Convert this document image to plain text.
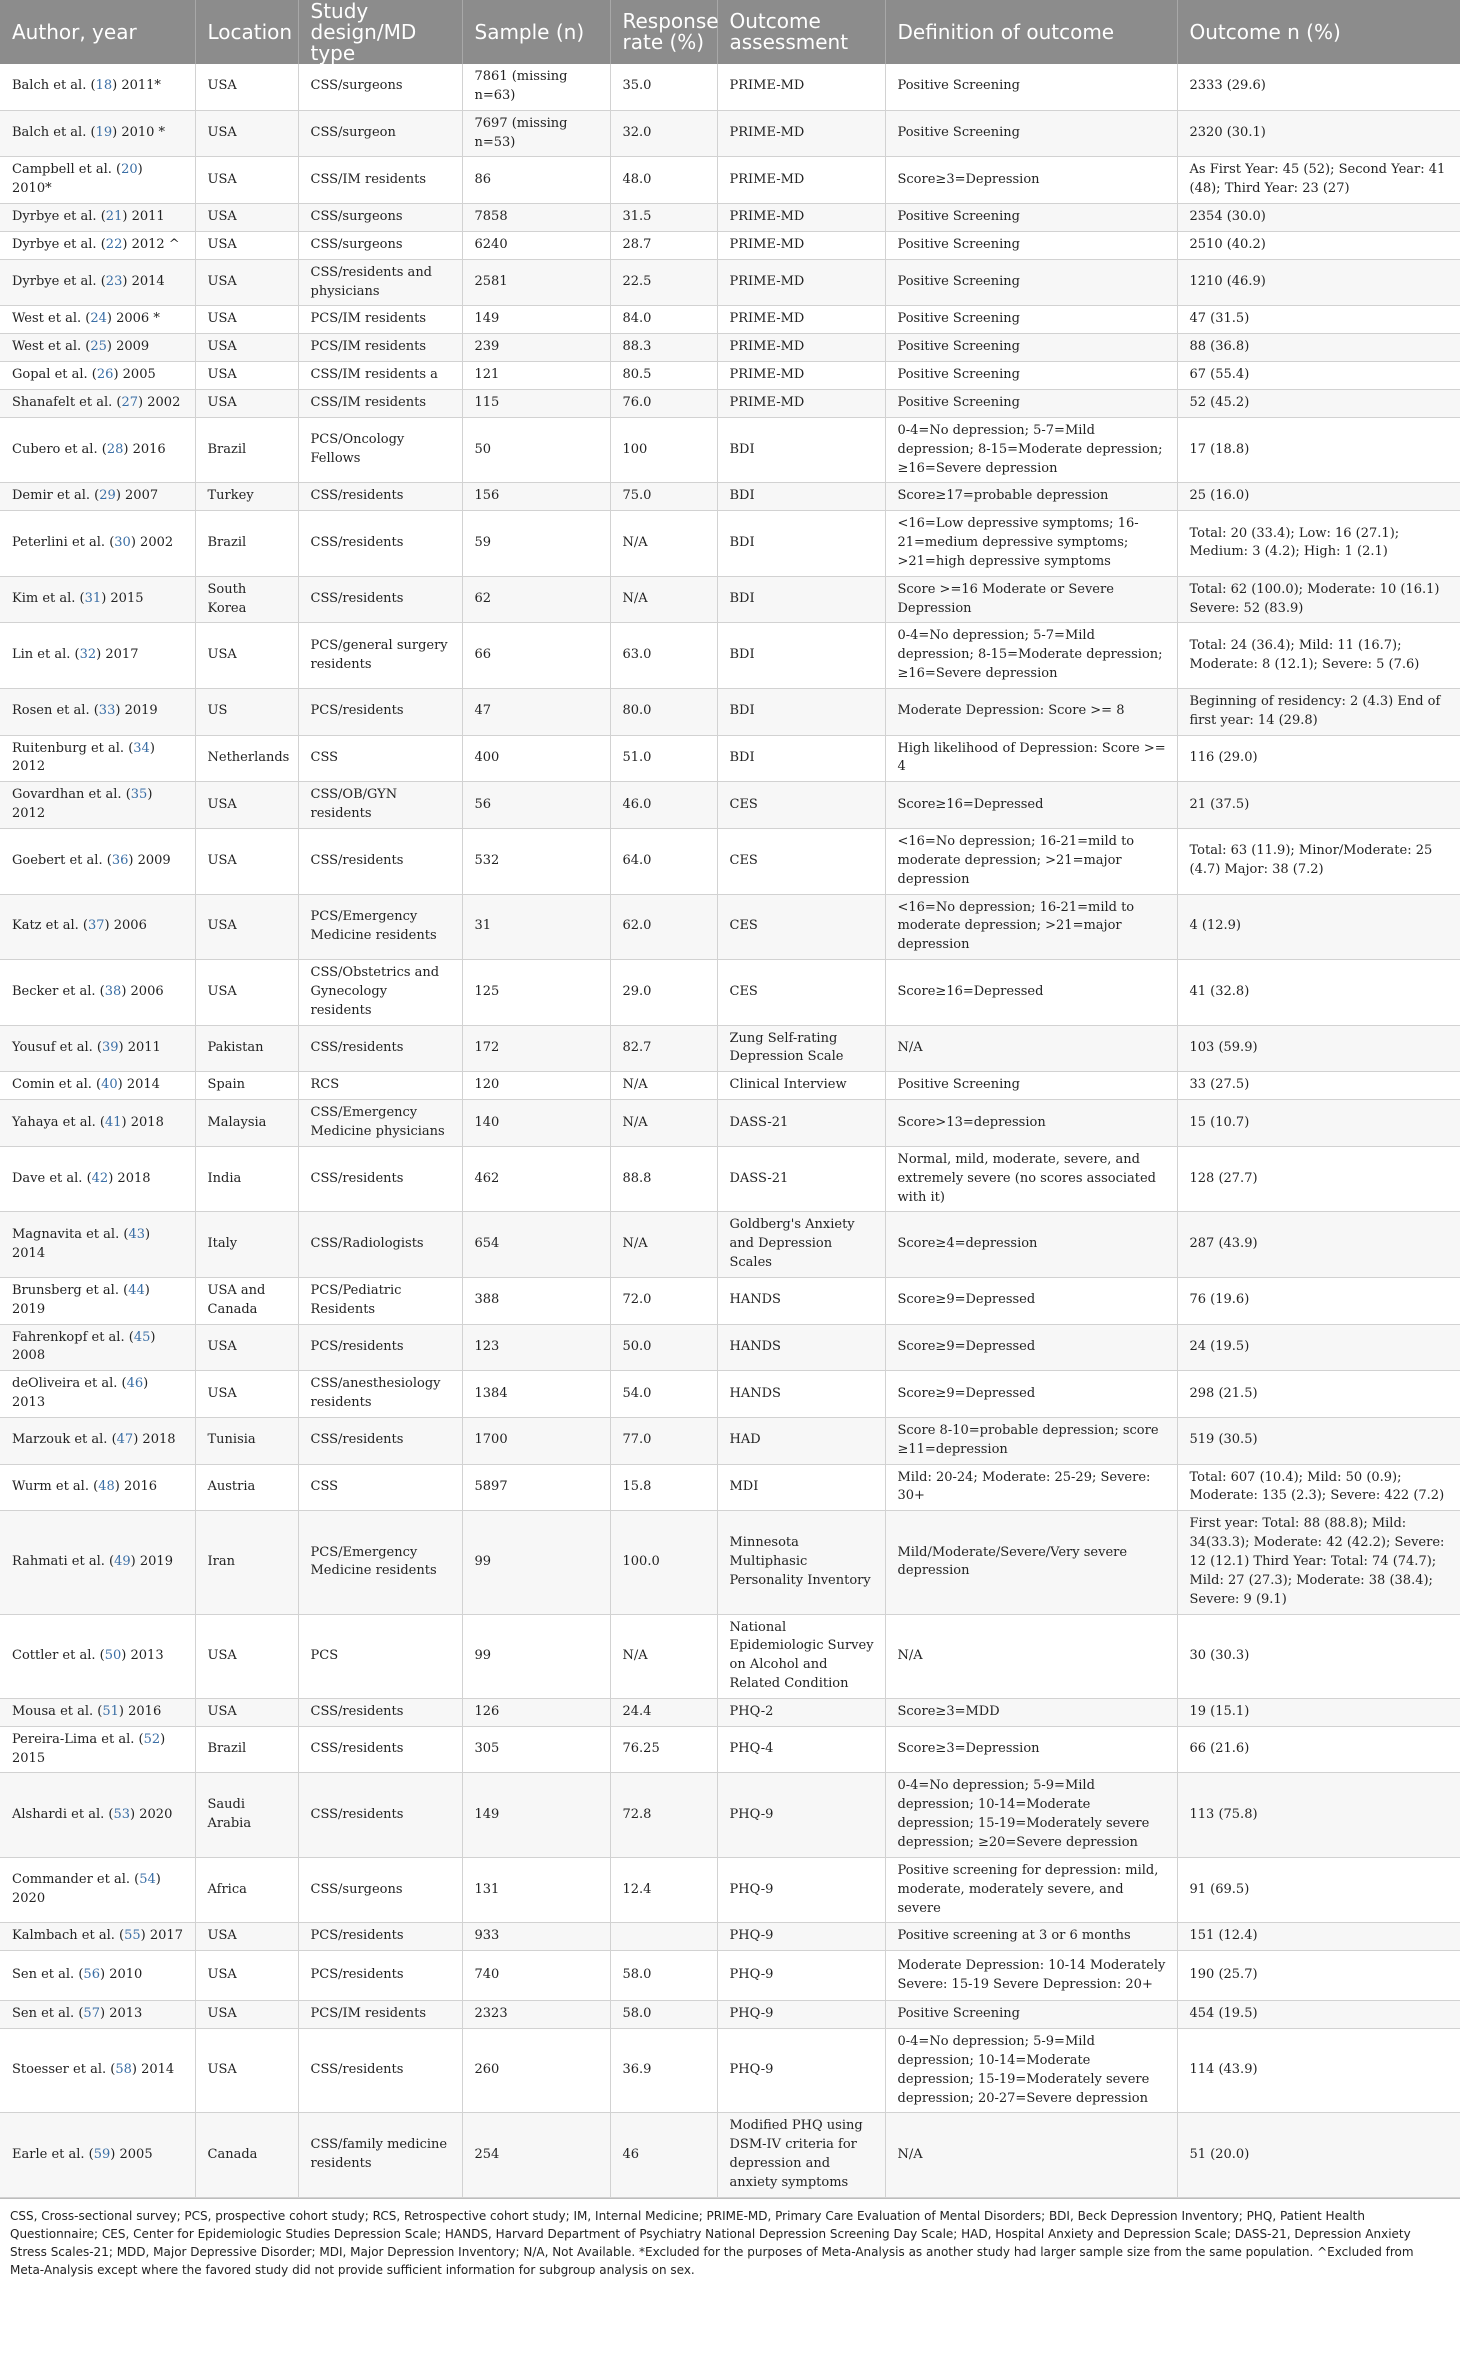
Author, year	Location	Study design/MD type	Sample (n)	Response rate (%)	Outcome assessment	Definition of outcome	Outcome n (%)
Balch et al. (18) 2011*	USA	CSS/surgeons	7861 (missing n=63)	35.0	PRIME-MD	Positive Screening	2333 (29.6)
Balch et al. (19) 2010 *	USA	CSS/surgeon	7697 (missing n=53)	32.0	PRIME-MD	Positive Screening	2320 (30.1)
Campbell et al. (20) 2010*	USA	CSS/IM residents	86	48.0	PRIME-MD	Score≥3=Depression	As First Year: 45 (52); Second Year: 41 (48); Third Year: 23 (27)
Dyrbye et al. (21) 2011	USA	CSS/surgeons	7858	31.5	PRIME-MD	Positive Screening	2354 (30.0)
Dyrbye et al. (22) 2012 ^	USA	CSS/surgeons	6240	28.7	PRIME-MD	Positive Screening	2510 (40.2)
Dyrbye et al. (23) 2014	USA	CSS/residents and physicians	2581	22.5	PRIME-MD	Positive Screening	1210 (46.9)
West et al. (24) 2006 *	USA	PCS/IM residents	149	84.0	PRIME-MD	Positive Screening	47 (31.5)
West et al. (25) 2009	USA	PCS/IM residents	239	88.3	PRIME-MD	Positive Screening	88 (36.8)
Gopal et al. (26) 2005	USA	CSS/IM residents a	121	80.5	PRIME-MD	Positive Screening	67 (55.4)
Shanafelt et al. (27) 2002	USA	CSS/IM residents	115	76.0	PRIME-MD	Positive Screening	52 (45.2)
Cubero et al. (28) 2016	Brazil	PCS/Oncology Fellows	50	100	BDI	0-4=No depression; 5-7=Mild depression; 8-15=Moderate depression; ≥16=Severe depression	17 (18.8)
Demir et al. (29) 2007	Turkey	CSS/residents	156	75.0	BDI	Score≥17=probable depression	25 (16.0)
Peterlini et al. (30) 2002	Brazil	CSS/residents	59	N/A	BDI	<16=Low depressive symptoms; 16-21=medium depressive symptoms; >21=high depressive symptoms	Total: 20 (33.4); Low: 16 (27.1); Medium: 3 (4.2); High: 1 (2.1)
Kim et al. (31) 2015	South Korea	CSS/residents	62	N/A	BDI	Score >=16 Moderate or Severe Depression	Total: 62 (100.0); Moderate: 10 (16.1) Severe: 52 (83.9)
Lin et al. (32) 2017	USA	PCS/general surgery residents	66	63.0	BDI	0-4=No depression; 5-7=Mild depression; 8-15=Moderate depression; ≥16=Severe depression	Total: 24 (36.4); Mild: 11 (16.7); Moderate: 8 (12.1); Severe: 5 (7.6)
Rosen et al. (33) 2019	US	PCS/residents	47	80.0	BDI	Moderate Depression: Score >= 8	Beginning of residency: 2 (4.3) End of first year: 14 (29.8)
Ruitenburg et al. (34) 2012	Netherlands	CSS	400	51.0	BDI	High likelihood of Depression: Score >= 4	116 (29.0)
Govardhan et al. (35) 2012	USA	CSS/OB/GYN residents	56	46.0	CES	Score≥16=Depressed	21 (37.5)
Goebert et al. (36) 2009	USA	CSS/residents	532	64.0	CES	<16=No depression; 16-21=mild to moderate depression; >21=major depression	Total: 63 (11.9); Minor/Moderate: 25 (4.7) Major: 38 (7.2)
Katz et al. (37) 2006	USA	PCS/Emergency Medicine residents	31	62.0	CES	<16=No depression; 16-21=mild to moderate depression; >21=major depression	4 (12.9)
Becker et al. (38) 2006	USA	CSS/Obstetrics and Gynecology residents	125	29.0	CES	Score≥16=Depressed	41 (32.8)
Yousuf et al. (39) 2011	Pakistan	CSS/residents	172	82.7	Zung Self-rating Depression Scale	N/A	103 (59.9)
Comin et al. (40) 2014	Spain	RCS	120	N/A	Clinical Interview	Positive Screening	33 (27.5)
Yahaya et al. (41) 2018	Malaysia	CSS/Emergency Medicine physicians	140	N/A	DASS-21	Score>13=depression	15 (10.7)
Dave et al. (42) 2018	India	CSS/residents	462	88.8	DASS-21	Normal, mild, moderate, severe, and extremely severe (no scores associated with it)	128 (27.7)
Magnavita et al. (43) 2014	Italy	CSS/Radiologists	654	N/A	Goldberg's Anxiety and Depression Scales	Score≥4=depression	287 (43.9)
Brunsberg et al. (44) 2019	USA and Canada	PCS/Pediatric Residents	388	72.0	HANDS	Score≥9=Depressed	76 (19.6)
Fahrenkopf et al. (45) 2008	USA	PCS/residents	123	50.0	HANDS	Score≥9=Depressed	24 (19.5)
deOliveira et al. (46) 2013	USA	CSS/anesthesiology residents	1384	54.0	HANDS	Score≥9=Depressed	298 (21.5)
Marzouk et al. (47) 2018	Tunisia	CSS/residents	1700	77.0	HAD	Score 8-10=probable depression; score ≥11=depression	519 (30.5)
Wurm et al. (48) 2016	Austria	CSS	5897	15.8	MDI	Mild: 20-24; Moderate: 25-29; Severe: 30+	Total: 607 (10.4); Mild: 50 (0.9); Moderate: 135 (2.3); Severe: 422 (7.2)
Rahmati et al. (49) 2019	Iran	PCS/Emergency Medicine residents	99	100.0	Minnesota Multiphasic Personality Inventory	Mild/Moderate/Severe/Very severe depression	First year: Total: 88 (88.8); Mild: 34(33.3); Moderate: 42 (42.2); Severe: 12 (12.1) Third Year: Total: 74 (74.7); Mild: 27 (27.3); Moderate: 38 (38.4); Severe: 9 (9.1)
Cottler et al. (50) 2013	USA	PCS	99	N/A	National Epidemiologic Survey on Alcohol and Related Condition	N/A	30 (30.3)
Mousa et al. (51) 2016	USA	CSS/residents	126	24.4	PHQ-2	Score≥3=MDD	19 (15.1)
Pereira-Lima et al. (52) 2015	Brazil	CSS/residents	305	76.25	PHQ-4	Score≥3=Depression	66 (21.6)
Alshardi et al. (53) 2020	Saudi Arabia	CSS/residents	149	72.8	PHQ-9	0-4=No depression; 5-9=Mild depression; 10-14=Moderate depression; 15-19=Moderately severe depression; ≥20=Severe depression	113 (75.8)
Commander et al. (54) 2020	Africa	CSS/surgeons	131	12.4	PHQ-9	Positive screening for depression: mild, moderate, moderately severe, and severe	91 (69.5)
Kalmbach et al. (55) 2017	USA	PCS/residents	933		PHQ-9	Positive screening at 3 or 6 months	151 (12.4)
Sen et al. (56) 2010	USA	PCS/residents	740	58.0	PHQ-9	Moderate Depression: 10-14 Moderately Severe: 15-19 Severe Depression: 20+	190 (25.7)
Sen et al. (57) 2013	USA	PCS/IM residents	2323	58.0	PHQ-9	Positive Screening	454 (19.5)
Stoesser et al. (58) 2014	USA	CSS/residents	260	36.9	PHQ-9	0-4=No depression; 5-9=Mild depression; 10-14=Moderate depression; 15-19=Moderately severe depression; 20-27=Severe depression	114 (43.9)
Earle et al. (59) 2005	Canada	CSS/family medicine residents	254	46	Modified PHQ using DSM-IV criteria for depression and anxiety symptoms	N/A	51 (20.0)
CSS, Cross-sectional survey; PCS, prospective cohort study; RCS, Retrospective cohort study; IM, Internal Medicine; PRIME-MD, Primary Care Evaluation of Mental Disorders; BDI, Beck Depression Inventory; PHQ, Patient Health Questionnaire; CES, Center for Epidemiologic Studies Depression Scale; HANDS, Harvard Department of Psychiatry National Depression Screening Day Scale; HAD, Hospital Anxiety and Depression Scale; DASS-21, Depression Anxiety Stress Scales-21; MDD, Major Depressive Disorder; MDI, Major Depression Inventory; N/A, Not Available. *Excluded for the purposes of Meta-Analysis as another study had larger sample size from the same population. ^Excluded from Meta-Analysis except where the favored study did not provide sufficient information for subgroup analysis on sex.
